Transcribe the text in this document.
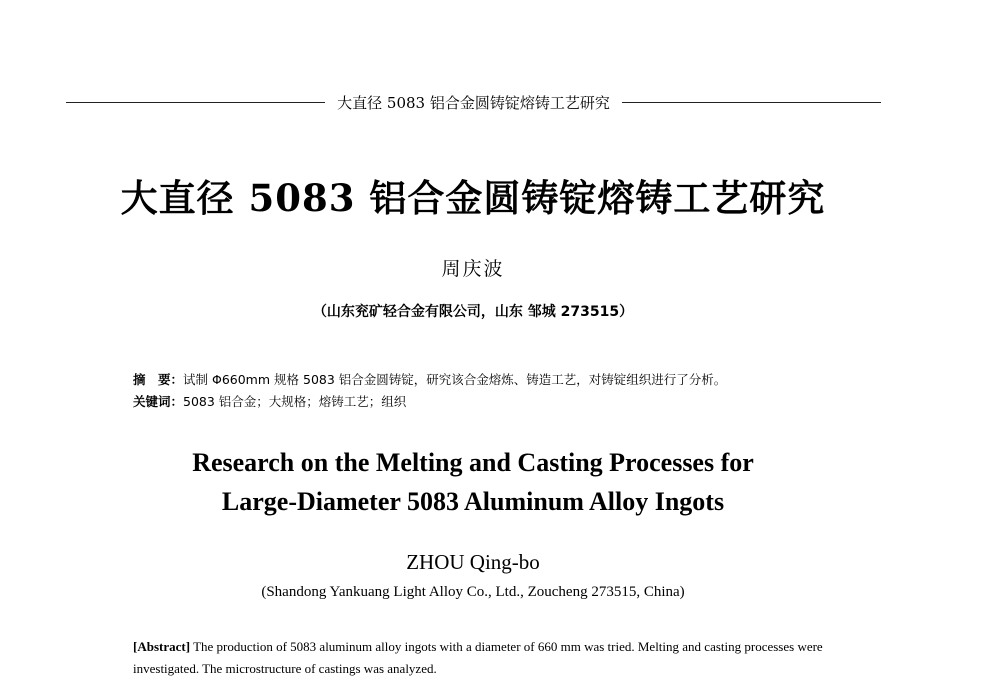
大直径 5083 铝合金圆铸锭熔铸工艺研究
大直径 5083 铝合金圆铸锭熔铸工艺研究
周庆波
（山东兖矿轻合金有限公司，山东 邹城 273515）
摘　要：试制 Φ660mm 规格 5083 铝合金圆铸锭，研究该合金熔炼、铸造工艺，对铸锭组织进行了分析。
关键词：5083 铝合金；大规格；熔铸工艺；组织
Research on the Melting and Casting Processes for
Large-Diameter 5083 Aluminum Alloy Ingots
ZHOU Qing-bo
(Shandong Yankuang Light Alloy Co., Ltd., Zoucheng 273515, China)
[Abstract] The production of 5083 aluminum alloy ingots with a diameter of 660 mm was tried. Melting and casting processes were investigated. The microstructure of castings was analyzed.
